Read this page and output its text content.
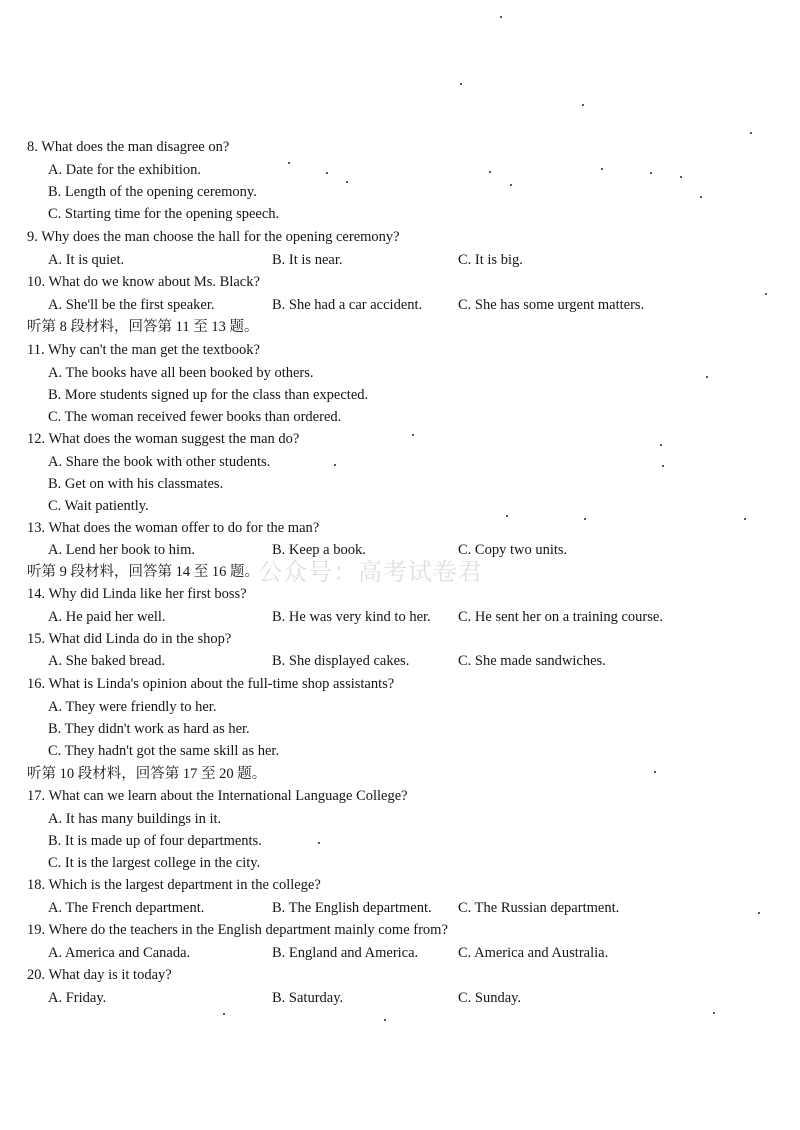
8. What does the man disagree on?
A. Date for the exhibition.
B. Length of the opening ceremony.
C. Starting time for the opening speech.
9. Why does the man choose the hall for the opening ceremony?
A. It is quiet.	B. It is near.	C. It is big.
10. What do we know about Ms. Black?
A. She'll be the first speaker.	B. She had a car accident. C. She has some urgent matters.
听第 8 段材料，回答第 11 至 13 题。
11. Why can't the man get the textbook?
A. The books have all been booked by others.
B. More students signed up for the class than expected.
C. The woman received fewer books than ordered.
12. What does the woman suggest the man do?
A. Share the book with other students.
B. Get on with his classmates.
C. Wait patiently.
13. What does the woman offer to do for the man?
A. Lend her book to him.	B. Keep a book.	C. Copy two units.
听第 9 段材料，回答第 14 至 16 题。
14. Why did Linda like her first boss?
A. He paid her well.	B. He was very kind to her. C. He sent her on a training course.
15. What did Linda do in the shop?
A. She baked bread.	B. She displayed cakes.	C. She made sandwiches.
16. What is Linda's opinion about the full-time shop assistants?
A. They were friendly to her.
B. They didn't work as hard as her.
C. They hadn't got the same skill as her.
听第 10 段材料，回答第 17 至 20 题。
17. What can we learn about the International Language College?
A. It has many buildings in it.
B. It is made up of four departments.
C. It is the largest college in the city.
18. Which is the largest department in the college?
A. The French department.	B. The English department. C. The Russian department.
19. Where do the teachers in the English department mainly come from?
A. America and Canada.	B. England and America.	C. America and Australia.
20. What day is it today?
A. Friday.	B. Saturday.	C. Sunday.
公众号：高考试卷君
